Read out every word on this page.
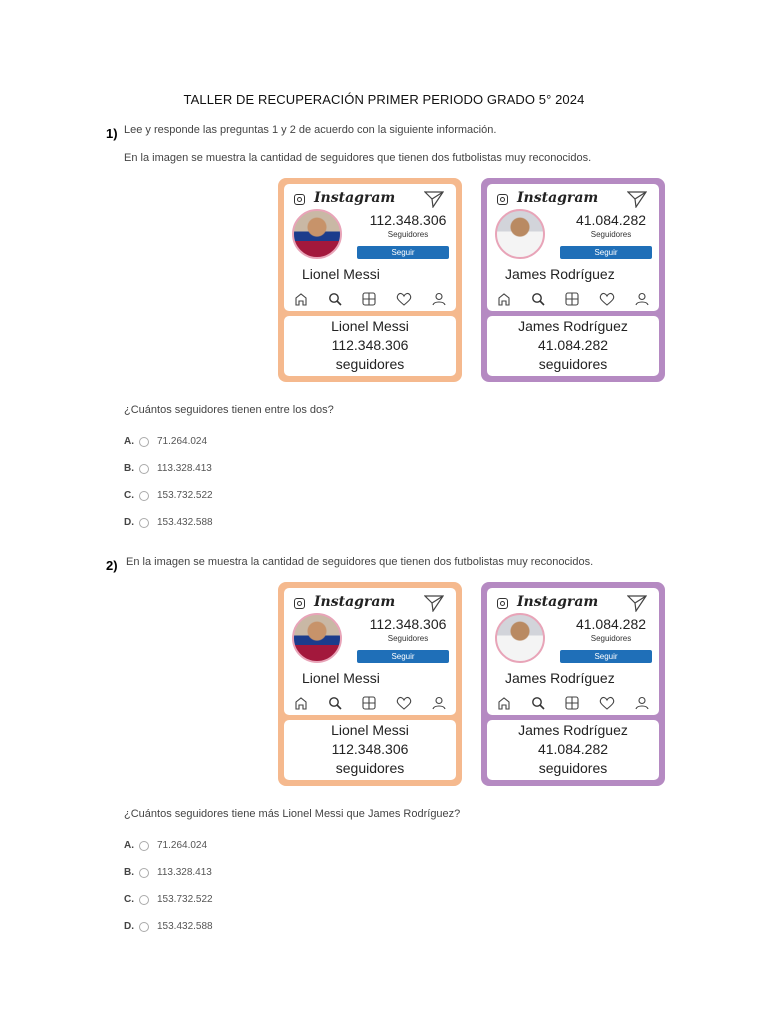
TALLER DE RECUPERACIÓN PRIMER PERIODO GRADO 5° 2024
1) Lee y responde las preguntas 1 y 2 de acuerdo con la siguiente información.
En la imagen se muestra la cantidad de seguidores que tienen dos futbolistas muy reconocidos.
Instagram
112.348.306
Seguidores
Seguir
Lionel Messi
Lionel Messi
112.348.306
seguidores
Instagram
41.084.282
Seguidores
Seguir
James Rodríguez
James Rodríguez
41.084.282
seguidores
¿Cuántos seguidores tienen entre los dos?
A.	71.264.024
B.	113.328.413
C.	153.732.522
D.	153.432.588
2) En la imagen se muestra la cantidad de seguidores que tienen dos futbolistas muy reconocidos.
Instagram
112.348.306
Seguidores
Seguir
Lionel Messi
Lionel Messi
112.348.306
seguidores
Instagram
41.084.282
Seguidores
Seguir
James Rodríguez
James Rodríguez
41.084.282
seguidores
¿Cuántos seguidores tiene más Lionel Messi que James Rodríguez?
A.	71.264.024
B.	113.328.413
C.	153.732.522
D.	153.432.588
